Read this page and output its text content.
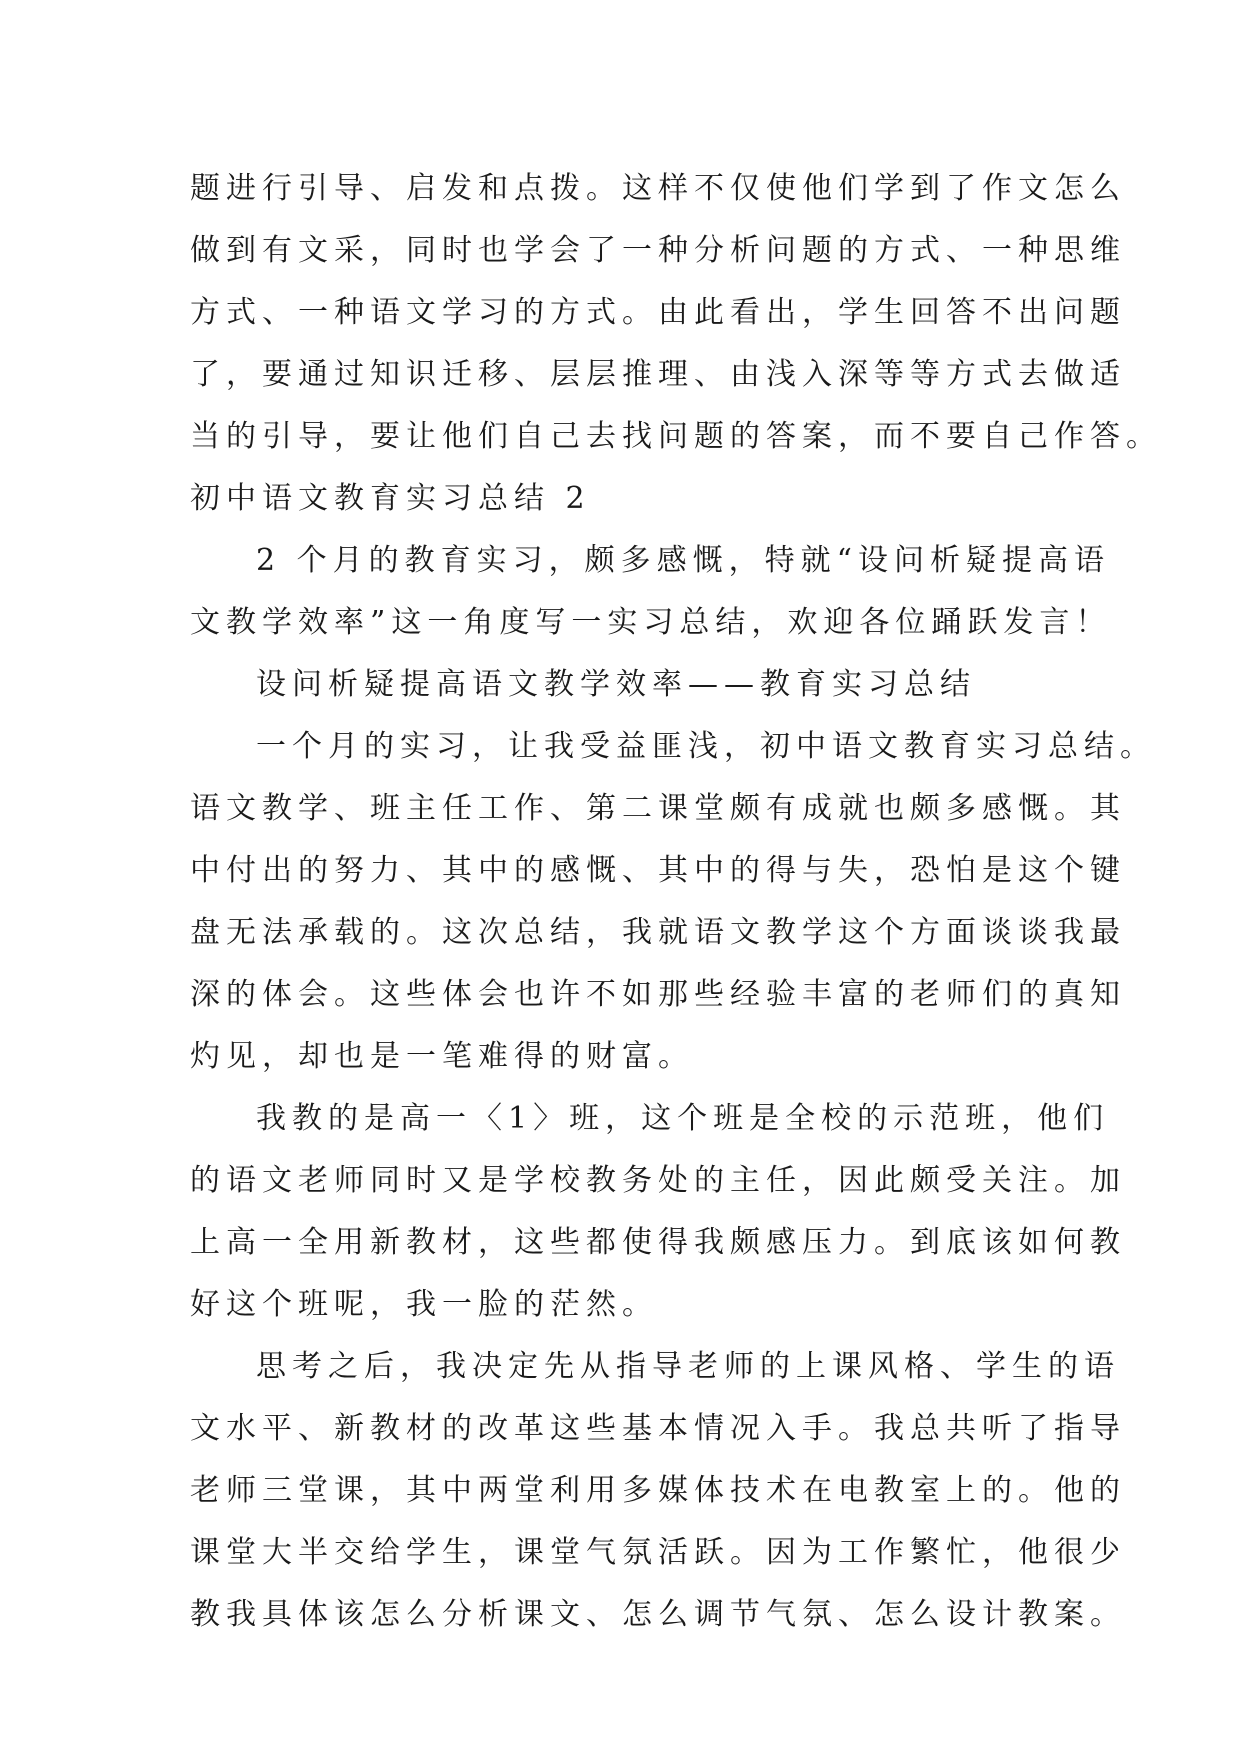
题进行引导、启发和点拨。这样不仅使他们学到了作文怎么
做到有文采，同时也学会了一种分析问题的方式、一种思维
方式、一种语文学习的方式。由此看出，学生回答不出问题
了，要通过知识迁移、层层推理、由浅入深等等方式去做适
当的引导，要让他们自己去找问题的答案，而不要自己作答。
初中语文教育实习总结 2
2 个月的教育实习，颇多感慨，特就“设问析疑提高语
文教学效率”这一角度写一实习总结，欢迎各位踊跃发言！
设问析疑提高语文教学效率——教育实习总结
一个月的实习，让我受益匪浅，初中语文教育实习总结。
语文教学、班主任工作、第二课堂颇有成就也颇多感慨。其
中付出的努力、其中的感慨、其中的得与失，恐怕是这个键
盘无法承载的。这次总结，我就语文教学这个方面谈谈我最
深的体会。这些体会也许不如那些经验丰富的老师们的真知
灼见，却也是一笔难得的财富。
我教的是高一〈1〉班，这个班是全校的示范班，他们
的语文老师同时又是学校教务处的主任，因此颇受关注。加
上高一全用新教材，这些都使得我颇感压力。到底该如何教
好这个班呢，我一脸的茫然。
思考之后，我决定先从指导老师的上课风格、学生的语
文水平、新教材的改革这些基本情况入手。我总共听了指导
老师三堂课，其中两堂利用多媒体技术在电教室上的。他的
课堂大半交给学生，课堂气氛活跃。因为工作繁忙，他很少
教我具体该怎么分析课文、怎么调节气氛、怎么设计教案。
